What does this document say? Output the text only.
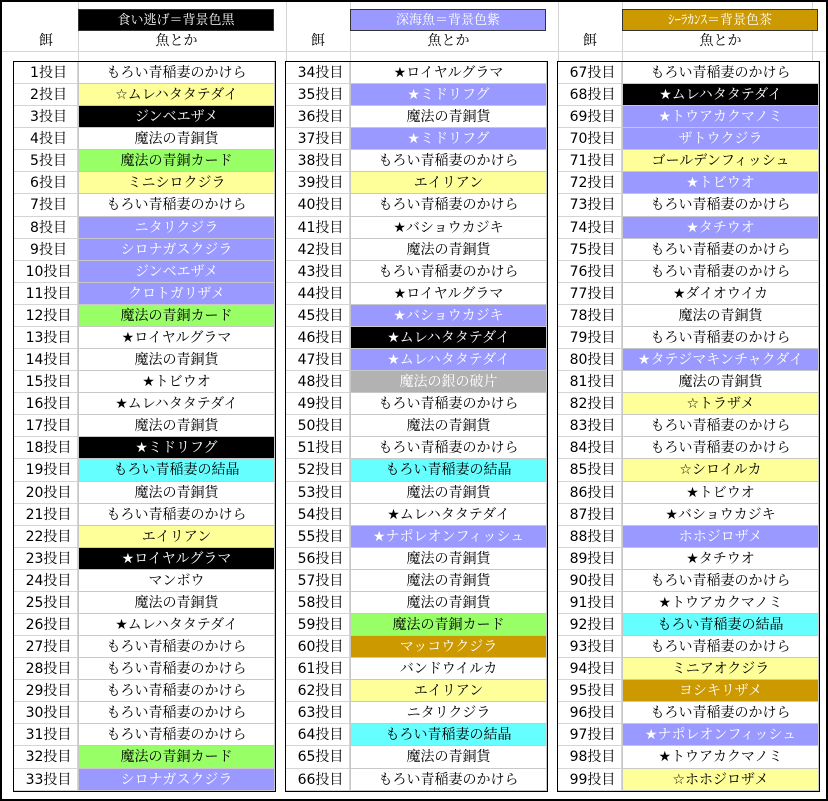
食い逃げ＝背景色黒
餌	魚とか
1投目	もろい青稲妻のかけら
2投目	☆ムレハタタテダイ
3投目	ジンベエザメ
4投目	魔法の青銅貨
5投目	魔法の青銅カード
6投目	ミニシロクジラ
7投目	もろい青稲妻のかけら
8投目	ニタリクジラ
9投目	シロナガスクジラ
10投目	ジンベエザメ
11投目	クロトガリザメ
12投目	魔法の青銅カード
13投目	★ロイヤルグラマ
14投目	魔法の青銅貨
15投目	★トビウオ
16投目	★ムレハタタテダイ
17投目	魔法の青銅貨
18投目	★ミドリフグ
19投目	もろい青稲妻の結晶
20投目	魔法の青銅貨
21投目	もろい青稲妻のかけら
22投目	エイリアン
23投目	★ロイヤルグラマ
24投目	マンボウ
25投目	魔法の青銅貨
26投目	★ムレハタタテダイ
27投目	もろい青稲妻のかけら
28投目	もろい青稲妻のかけら
29投目	もろい青稲妻のかけら
30投目	もろい青稲妻のかけら
31投目	もろい青稲妻のかけら
32投目	魔法の青銅カード
33投目	シロナガスクジラ
深海魚＝背景色紫
餌	魚とか
34投目	★ロイヤルグラマ
35投目	★ミドリフグ
36投目	魔法の青銅貨
37投目	★ミドリフグ
38投目	もろい青稲妻のかけら
39投目	エイリアン
40投目	もろい青稲妻のかけら
41投目	★バショウカジキ
42投目	魔法の青銅貨
43投目	もろい青稲妻のかけら
44投目	★ロイヤルグラマ
45投目	★バショウカジキ
46投目	★ムレハタタテダイ
47投目	★ムレハタタテダイ
48投目	魔法の銀の破片
49投目	もろい青稲妻のかけら
50投目	魔法の青銅貨
51投目	もろい青稲妻のかけら
52投目	もろい青稲妻の結晶
53投目	魔法の青銅貨
54投目	★ムレハタタテダイ
55投目	★ナポレオンフィッシュ
56投目	魔法の青銅貨
57投目	魔法の青銅貨
58投目	魔法の青銅貨
59投目	魔法の青銅カード
60投目	マッコウクジラ
61投目	バンドウイルカ
62投目	エイリアン
63投目	ニタリクジラ
64投目	もろい青稲妻の結晶
65投目	魔法の青銅貨
66投目	もろい青稲妻のかけら
ｼｰﾗｶﾝｽ＝背景色茶
餌	魚とか
67投目	もろい青稲妻のかけら
68投目	★ムレハタタテダイ
69投目	★トウアカクマノミ
70投目	ザトウクジラ
71投目	ゴールデンフィッシュ
72投目	★トビウオ
73投目	もろい青稲妻のかけら
74投目	★タチウオ
75投目	もろい青稲妻のかけら
76投目	もろい青稲妻のかけら
77投目	★ダイオウイカ
78投目	魔法の青銅貨
79投目	もろい青稲妻のかけら
80投目	★タテジマキンチャクダイ
81投目	魔法の青銅貨
82投目	☆トラザメ
83投目	もろい青稲妻のかけら
84投目	もろい青稲妻のかけら
85投目	☆シロイルカ
86投目	★トビウオ
87投目	★バショウカジキ
88投目	ホホジロザメ
89投目	★タチウオ
90投目	もろい青稲妻のかけら
91投目	★トウアカクマノミ
92投目	もろい青稲妻の結晶
93投目	もろい青稲妻のかけら
94投目	ミニアオクジラ
95投目	ヨシキリザメ
96投目	もろい青稲妻のかけら
97投目	★ナポレオンフィッシュ
98投目	★トウアカクマノミ
99投目	☆ホホジロザメ
